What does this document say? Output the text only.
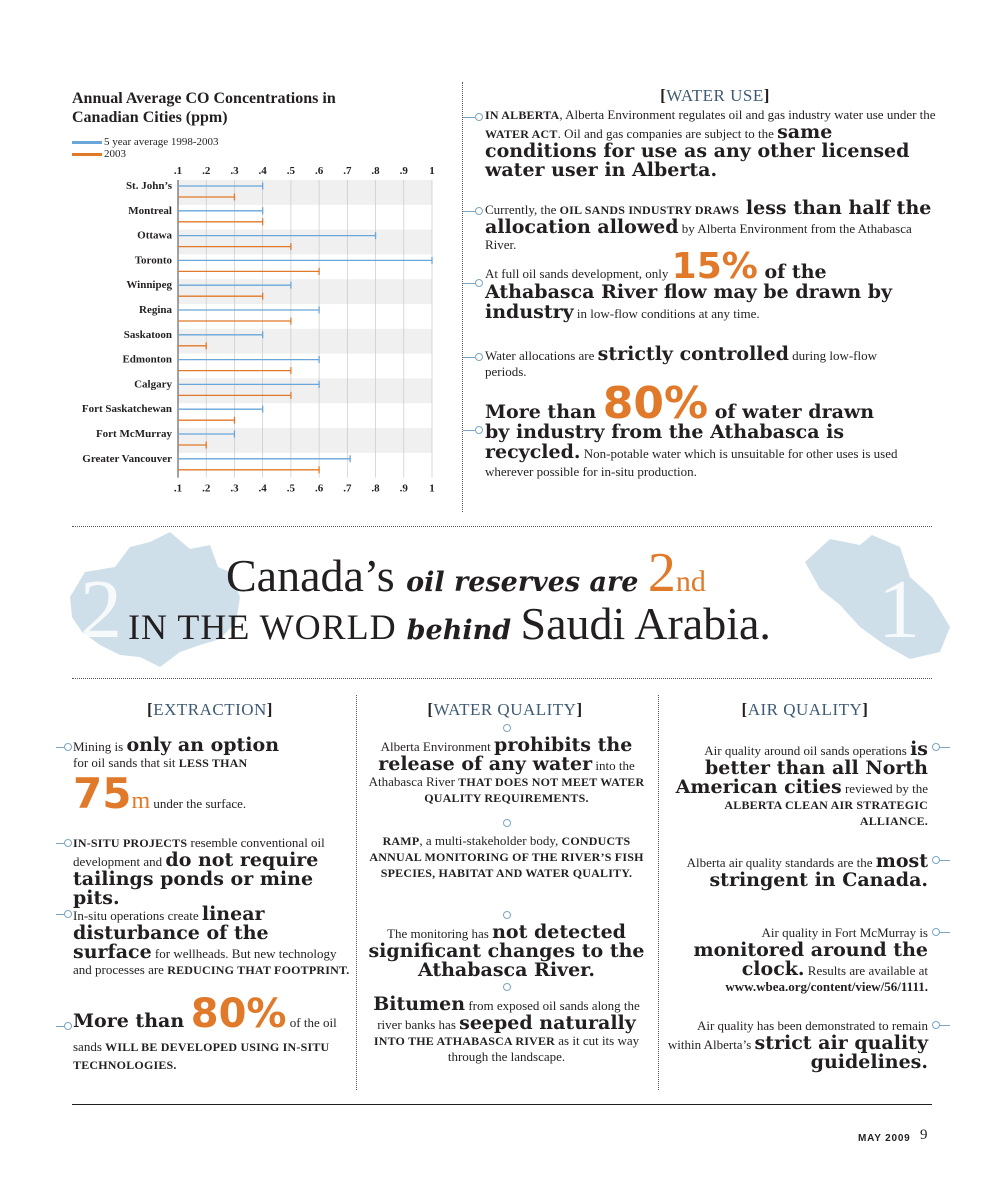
Annual Average CO Concentrations in Canadian Cities (ppm)
5 year average 1998-2003
2003
.1
.1
.2
.2
.3
.3
.4
.4
.5
.5
.6
.6
.7
.7
.8
.8
.9
.9
1
1
St. John’s
Montreal
Ottawa
Toronto
Winnipeg
Regina
Saskatoon
Edmonton
Calgary
Fort Saskatchewan
Fort McMurray
Greater Vancouver
[WATER USE]
IN ALBERTA, Alberta Environment regulates oil and gas industry water use under the WATER ACT. Oil and gas companies are subject to the same conditions for use as any other licensed water user in Alberta.
Currently, the OIL SANDS INDUSTRY DRAWS less than half the allocation allowed by Alberta Environment from the Athabasca River.
At full oil sands development, only 15% of the Athabasca River flow may be drawn by industry in low-flow conditions at any time.
Water allocations are strictly controlled during low-flow periods.
More than 80% of water drawn by industry from the Athabasca is recycled. Non-potable water which is unsuitable for other uses is used wherever possible for in-situ production.
2	1
Canada’s oil reserves are 2nd
IN THE WORLD behind Saudi Arabia.
[EXTRACTION]
Mining is only an option
for oil sands that sit LESS THAN
75m under the surface.
IN-SITU PROJECTS resemble conventional oil development and do not require tailings ponds or mine pits.
In-situ operations create linear disturbance of the surface for wellheads. But new technology and processes are REDUCING THAT FOOTPRINT.
More than 80% of the oil sands WILL BE DEVELOPED USING IN-SITU TECHNOLOGIES.
[WATER QUALITY]
Alberta Environment prohibits the release of any water into the Athabasca River THAT DOES NOT MEET WATER QUALITY REQUIREMENTS.
RAMP, a multi-stakeholder body, CONDUCTS ANNUAL MONITORING OF THE RIVER’S FISH SPECIES, HABITAT AND WATER QUALITY.
The monitoring has not detected significant changes to the Athabasca River.
Bitumen from exposed oil sands along the river banks has seeped naturally INTO THE ATHABASCA RIVER as it cut its way through the landscape.
[AIR QUALITY]
Air quality around oil sands operations is better than all North American cities reviewed by the ALBERTA CLEAN AIR STRATEGIC ALLIANCE.
Alberta air quality standards are the most stringent in Canada.
Air quality in Fort McMurray is monitored around the clock. Results are available at www.wbea.org/content/view/56/1111.
Air quality has been demonstrated to remain within Alberta’s strict air quality guidelines.
MAY 2009 9
